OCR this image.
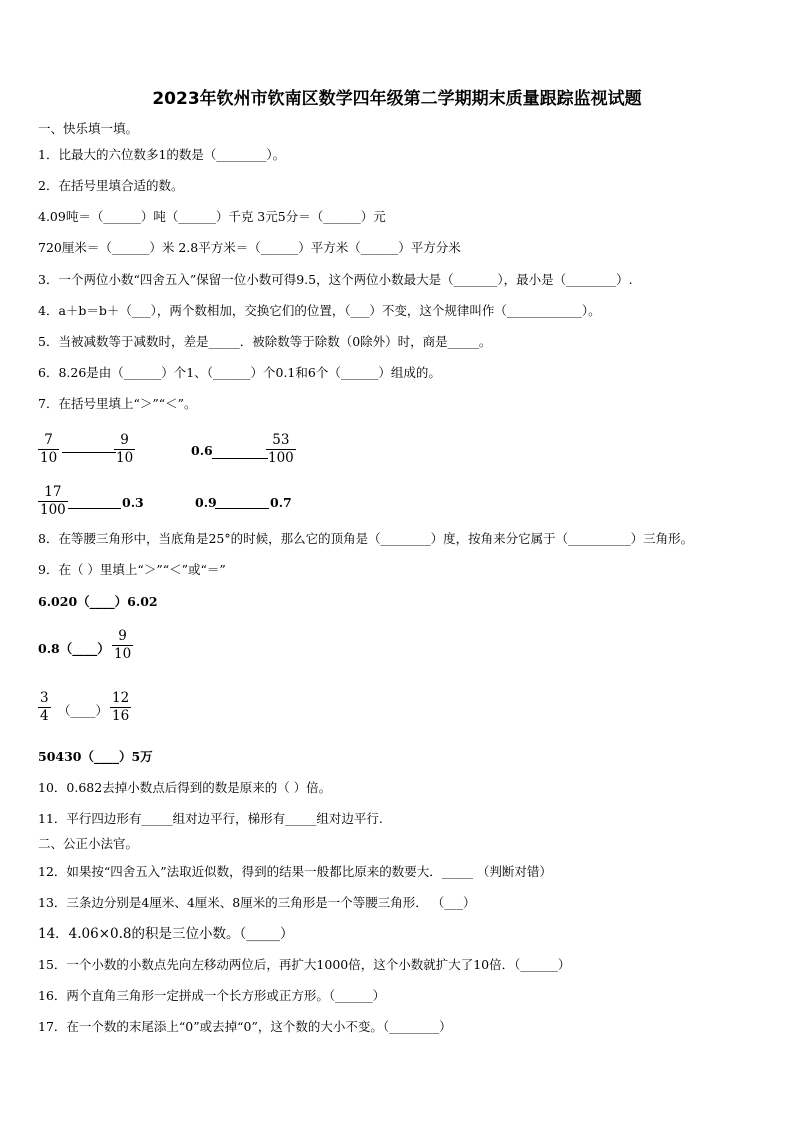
2023年钦州市钦南区数学四年级第二学期期末质量跟踪监视试题
一、快乐填一填。
1．比最大的六位数多1的数是（________）。
2．在括号里填合适的数。
4.09吨＝（______）吨（______）千克 3元5分＝（______）元
720厘米＝（______）米 2.8平方米＝（______）平方米（______）平方分米
3．一个两位小数“四舍五入”保留一位小数可得9.5，这个两位小数最大是（_______），最小是（________）.
4．a＋b＝b＋（___），两个数相加，交换它们的位置，（___）不变，这个规律叫作（____________）。
5．当被减数等于减数时，差是_____．被除数等于除数（0除外）时，商是_____。
6．8.26是由（______）个1、（______）个0.1和6个（______）组成的。
7．在括号里填上“＞”“＜”。
$\frac{7}{10}$	$\frac{9}{10}$	0.6	$\frac{53}{100}$
$\frac{17}{100}$	0.3	0.9	0.7
8．在等腰三角形中，当底角是25°的时候，那么它的顶角是（________）度，按角来分它属于（__________）三角形。
9．在（ ）里填上“＞”“＜”或“＝”
6.020（____）6.02
0.8（____） $\frac{9}{10}$
$\frac{3}{4}$ （____） $\frac{12}{16}$
50430（____）5万
10．0.682去掉小数点后得到的数是原来的（ ）倍。
11．平行四边形有_____组对边平行，梯形有_____组对边平行.
二、公正小法官。
12．如果按“四舍五入”法取近似数，得到的结果一般都比原来的数要大．_____ （判断对错）
13．三条边分别是4厘米、4厘米、8厘米的三角形是一个等腰三角形． （___）
14．4.06×0.8的积是三位小数。（_____）
15．一个小数的小数点先向左移动两位后，再扩大1000倍，这个小数就扩大了10倍．（______）
16．两个直角三角形一定拼成一个长方形或正方形。（______）
17．在一个数的末尾添上“0”或去掉“0”，这个数的大小不变。（________）
